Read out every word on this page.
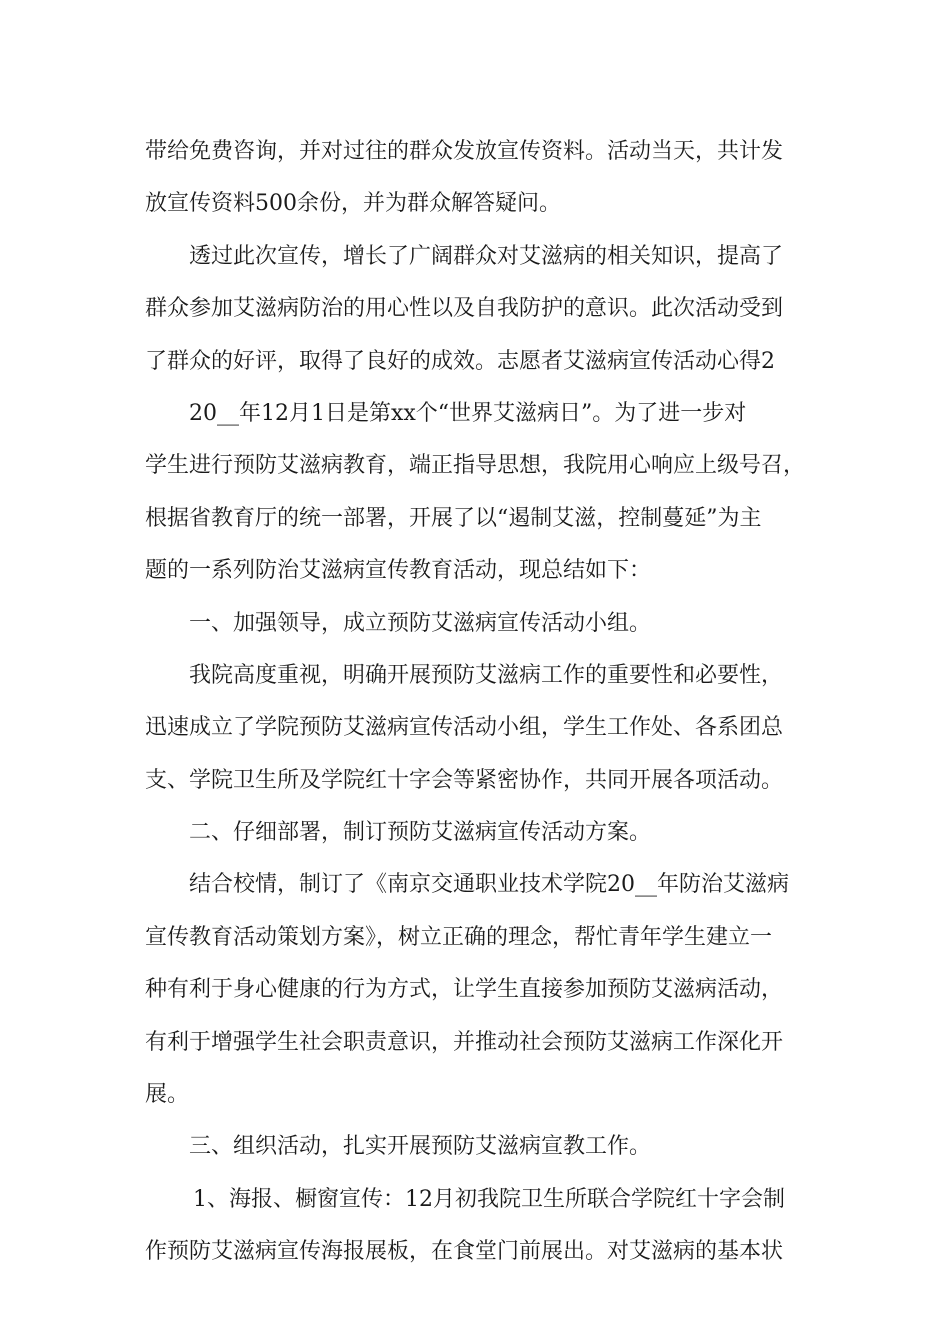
带给免费咨询，并对过往的群众发放宣传资料。活动当天，共计发
放宣传资料500余份，并为群众解答疑问。
透过此次宣传，增长了广阔群众对艾滋病的相关知识，提高了
群众参加艾滋病防治的用心性以及自我防护的意识。此次活动受到
了群众的好评，取得了良好的成效。志愿者艾滋病宣传活动心得2
20__年12月1日是第xx个“世界艾滋病日”。为了进一步对
学生进行预防艾滋病教育，端正指导思想，我院用心响应上级号召，
根据省教育厅的统一部署，开展了以“遏制艾滋，控制蔓延”为主
题的一系列防治艾滋病宣传教育活动，现总结如下：
一、加强领导，成立预防艾滋病宣传活动小组。
我院高度重视，明确开展预防艾滋病工作的重要性和必要性，
迅速成立了学院预防艾滋病宣传活动小组，学生工作处、各系团总
支、学院卫生所及学院红十字会等紧密协作，共同开展各项活动。
二、仔细部署，制订预防艾滋病宣传活动方案。
结合校情，制订了《南京交通职业技术学院20__年防治艾滋病
宣传教育活动策划方案》，树立正确的理念，帮忙青年学生建立一
种有利于身心健康的行为方式，让学生直接参加预防艾滋病活动，
有利于增强学生社会职责意识，并推动社会预防艾滋病工作深化开
展。
三、组织活动，扎实开展预防艾滋病宣教工作。
1、海报、橱窗宣传：12月初我院卫生所联合学院红十字会制
作预防艾滋病宣传海报展板，在食堂门前展出。对艾滋病的基本状
